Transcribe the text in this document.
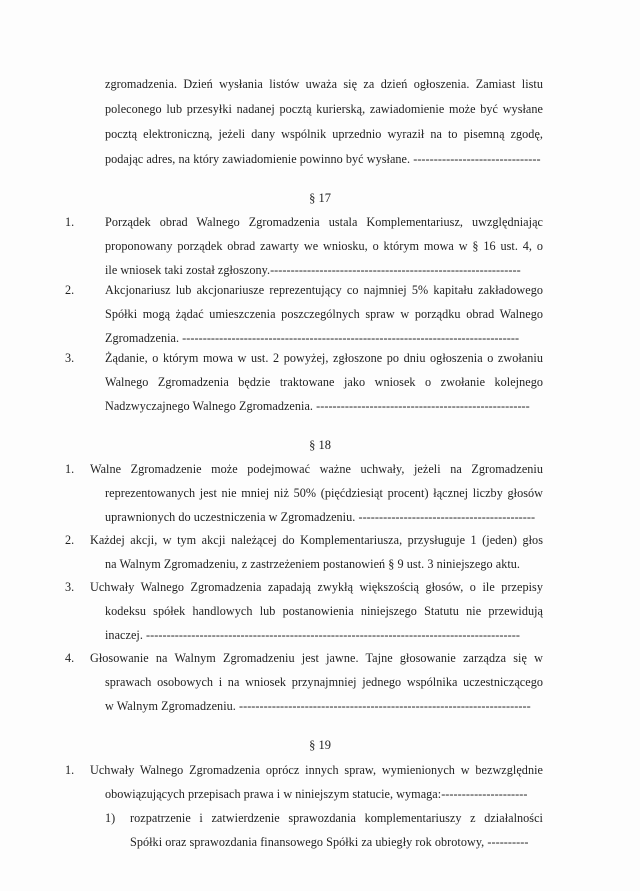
zgromadzenia. Dzień wysłania listów uważa się za dzień ogłoszenia. Zamiast listu
poleconego lub przesyłki nadanej pocztą kurierską, zawiadomienie może być wysłane
pocztą elektroniczną, jeżeli dany wspólnik uprzednio wyraził na to pisemną zgodę,
podając adres, na który zawiadomienie powinno być wysłane. -------------------------------
§ 17
1.	Porządek obrad Walnego Zgromadzenia ustala Komplementariusz, uwzględniając
proponowany porządek obrad zawarty we wniosku, o którym mowa w § 16 ust. 4, o
ile wniosek taki został zgłoszony.-------------------------------------------------------------
2.	Akcjonariusz lub akcjonariusze reprezentujący co najmniej 5% kapitału zakładowego
Spółki mogą żądać umieszczenia poszczególnych spraw w porządku obrad Walnego
Zgromadzenia. ----------------------------------------------------------------------------------
3.	Żądanie, o którym mowa w ust. 2 powyżej, zgłoszone po dniu ogłoszenia o zwołaniu
Walnego Zgromadzenia będzie traktowane jako wniosek o zwołanie kolejnego
Nadzwyczajnego Walnego Zgromadzenia. ----------------------------------------------------
§ 18
1. Walne Zgromadzenie może podejmować ważne uchwały, jeżeli na Zgromadzeniu
reprezentowanych jest nie mniej niż 50% (pięćdziesiąt procent) łącznej liczby głosów
uprawnionych do uczestniczenia w Zgromadzeniu. -------------------------------------------
2. Każdej akcji, w tym akcji należącej do Komplementariusza, przysługuje 1 (jeden) głos
na Walnym Zgromadzeniu, z zastrzeżeniem postanowień § 9 ust. 3 niniejszego aktu.
3. Uchwały Walnego Zgromadzenia zapadają zwykłą większością głosów, o ile przepisy
kodeksu spółek handlowych lub postanowienia niniejszego Statutu nie przewidują
inaczej. -------------------------------------------------------------------------------------------
4. Głosowanie na Walnym Zgromadzeniu jest jawne. Tajne głosowanie zarządza się w
sprawach osobowych i na wniosek przynajmniej jednego wspólnika uczestniczącego
w Walnym Zgromadzeniu. -----------------------------------------------------------------------
§ 19
1. Uchwały Walnego Zgromadzenia oprócz innych spraw, wymienionych w bezwzględnie
obowiązujących przepisach prawa i w niniejszym statucie, wymaga:---------------------
1) rozpatrzenie i zatwierdzenie sprawozdania komplementariuszy z działalności
Spółki oraz sprawozdania finansowego Spółki za ubiegły rok obrotowy, ----------
